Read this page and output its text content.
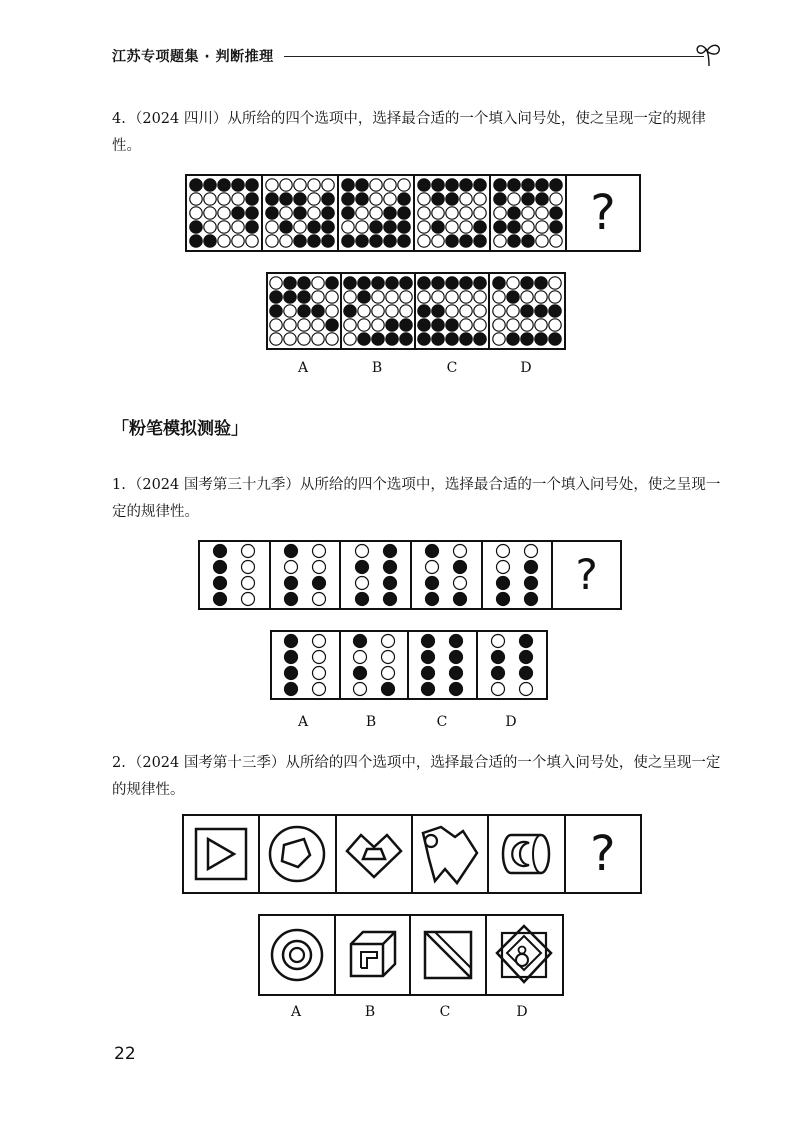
江苏专项题集 · 判断推理
4. （2024 四川）从所给的四个选项中，选择最合适的一个填入问号处，使之呈现一定的规律性。
?
A	B	C	D
「粉笔模拟测验」
1. （2024 国考第三十九季）从所给的四个选项中，选择最合适的一个填入问号处，使之呈现一定的规律性。
?
A	B	C	D
2. （2024 国考第十三季）从所给的四个选项中，选择最合适的一个填入问号处，使之呈现一定的规律性。
?
A	B	C	D
22
